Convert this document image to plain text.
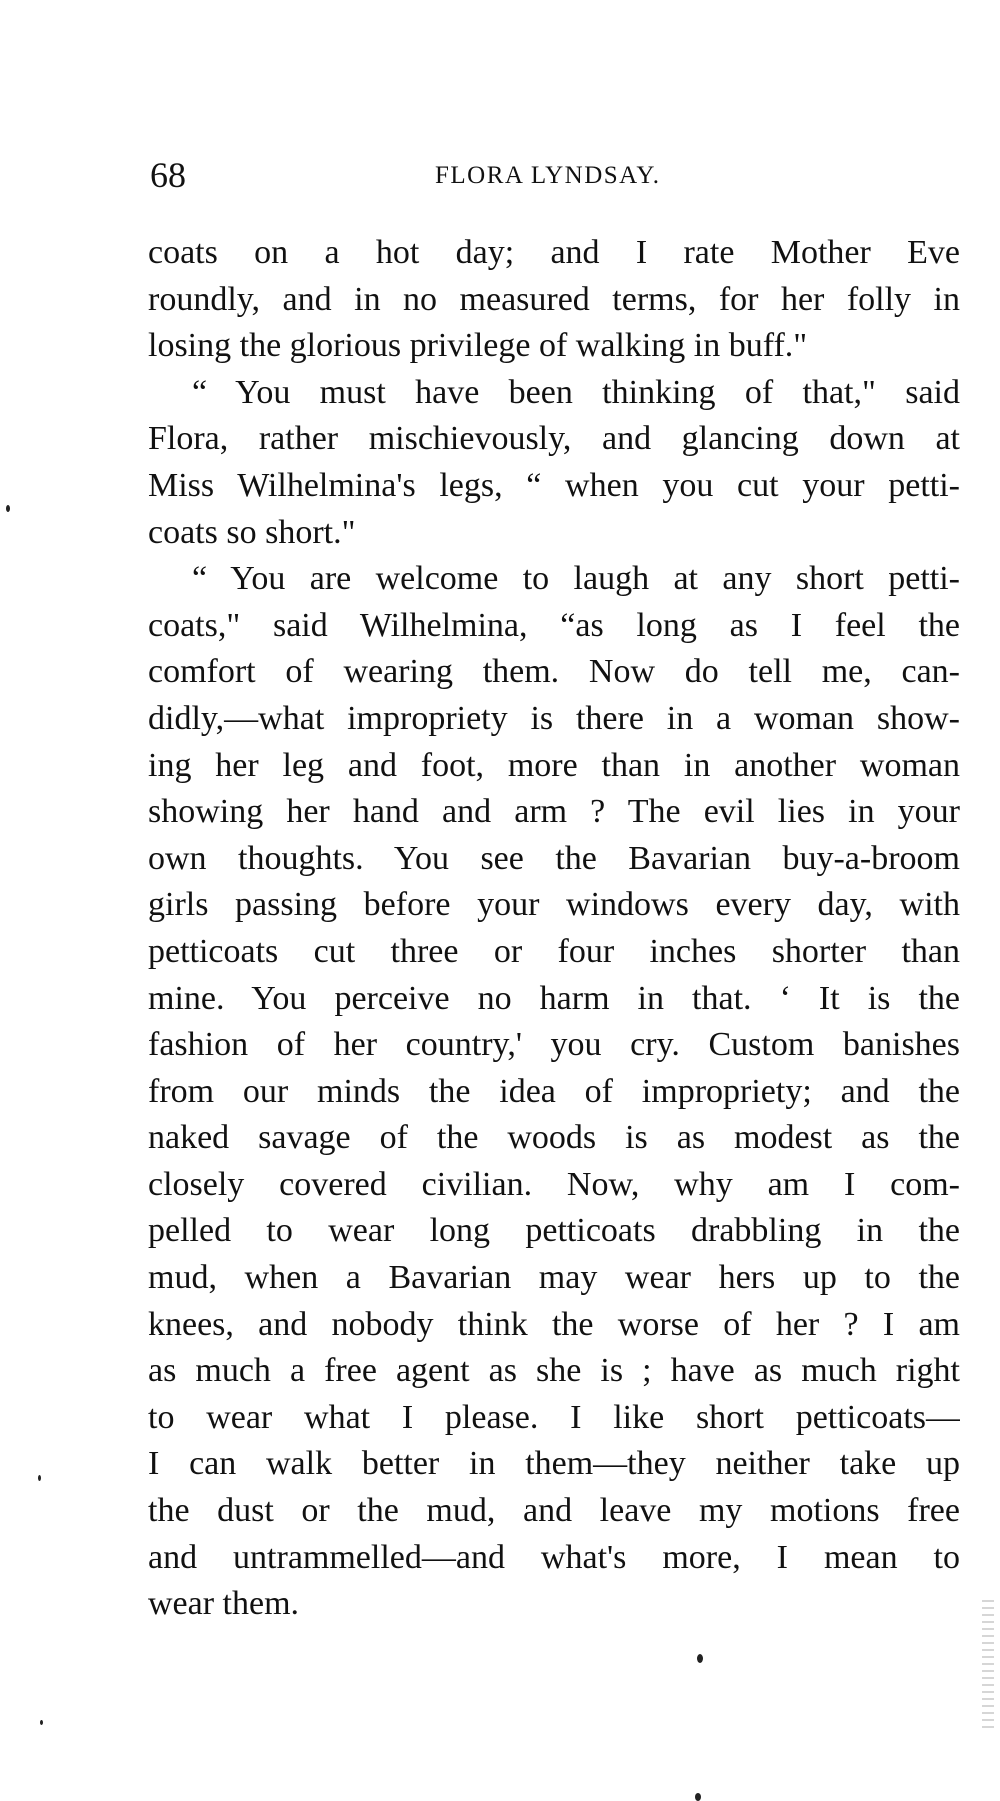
68	FLORA LYNDSAY.
coats on a hot day; and I rate Mother Eve
roundly, and in no measured terms, for her folly in
losing the glorious privilege of walking in buff."
“ You must have been thinking of that," said
Flora, rather mischievously, and glancing down at
Miss Wilhelmina's legs, “ when you cut your petti-
coats so short."
“ You are welcome to laugh at any short petti-
coats," said Wilhelmina, “as long as I feel the
comfort of wearing them. Now do tell me, can-
didly,—what impropriety is there in a woman show-
ing her leg and foot, more than in another woman
showing her hand and arm ? The evil lies in your
own thoughts. You see the Bavarian buy-a-broom
girls passing before your windows every day, with
petticoats cut three or four inches shorter than
mine. You perceive no harm in that. ‘ It is the
fashion of her country,' you cry. Custom banishes
from our minds the idea of impropriety; and the
naked savage of the woods is as modest as the
closely covered civilian. Now, why am I com-
pelled to wear long petticoats drabbling in the
mud, when a Bavarian may wear hers up to the
knees, and nobody think the worse of her ? I am
as much a free agent as she is ; have as much right
to wear what I please. I like short petticoats—
I can walk better in them—they neither take up
the dust or the mud, and leave my motions free
and untrammelled—and what's more, I mean to
wear them.
